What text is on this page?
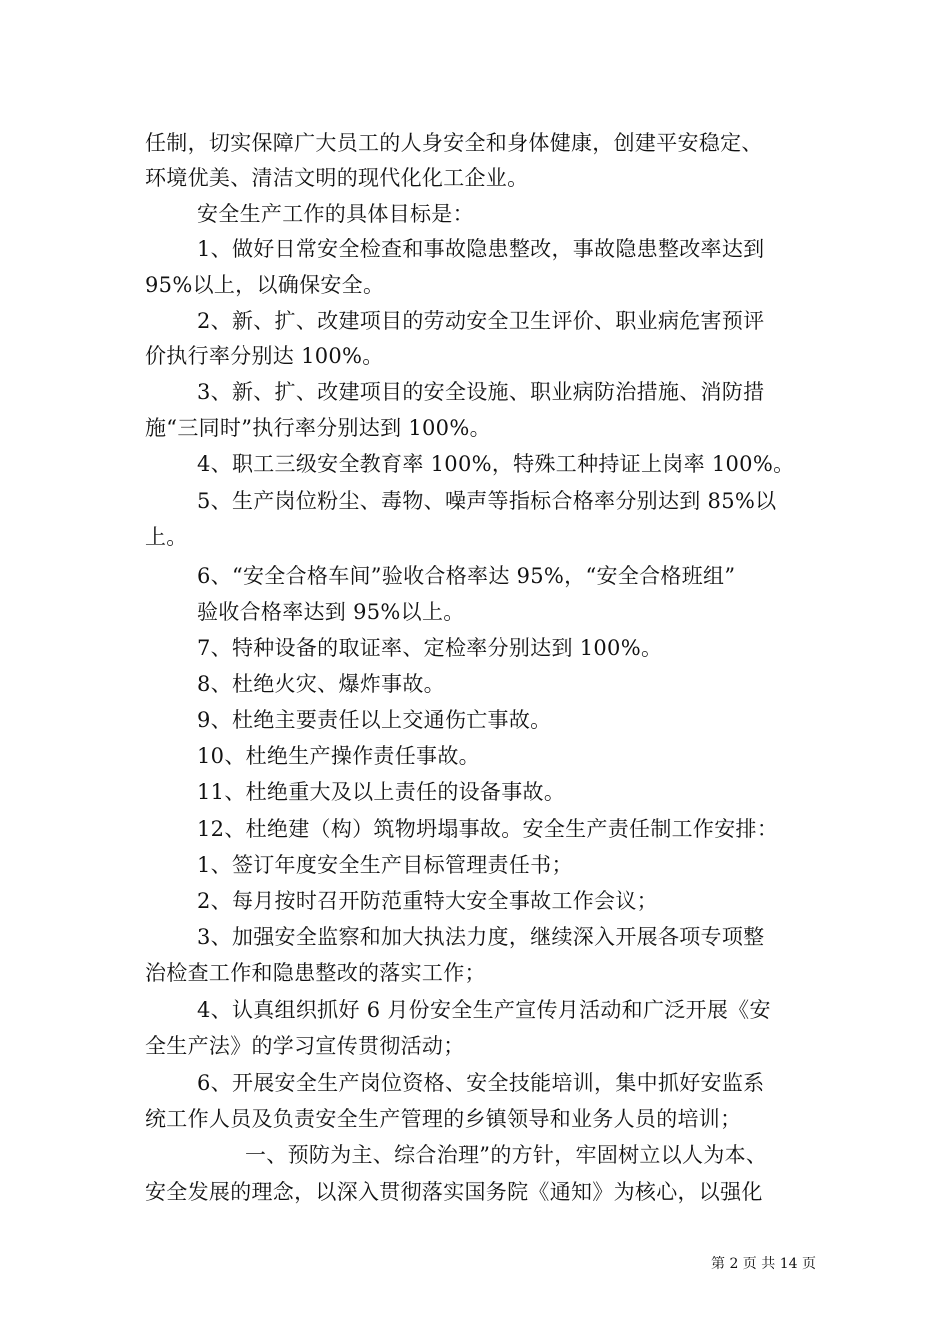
任制，切实保障广大员工的人身安全和身体健康，创建平安稳定、
环境优美、清洁文明的现代化化工企业。
安全生产工作的具体目标是：
1、做好日常安全检查和事故隐患整改，事故隐患整改率达到
95%以上，以确保安全。
2、新、扩、改建项目的劳动安全卫生评价、职业病危害预评
价执行率分别达 100%。
3、新、扩、改建项目的安全设施、职业病防治措施、消防措
施“三同时”执行率分别达到 100%。
4、职工三级安全教育率 100%，特殊工种持证上岗率 100%。
5、生产岗位粉尘、毒物、噪声等指标合格率分别达到 85%以
上。
6、“安全合格车间”验收合格率达 95%，“安全合格班组”
验收合格率达到 95%以上。
7、特种设备的取证率、定检率分别达到 100%。
8、杜绝火灾、爆炸事故。
9、杜绝主要责任以上交通伤亡事故。
10、杜绝生产操作责任事故。
11、杜绝重大及以上责任的设备事故。
12、杜绝建（构）筑物坍塌事故。安全生产责任制工作安排：
1、签订年度安全生产目标管理责任书；
2、每月按时召开防范重特大安全事故工作会议；
3、加强安全监察和加大执法力度，继续深入开展各项专项整
治检查工作和隐患整改的落实工作；
4、认真组织抓好 6 月份安全生产宣传月活动和广泛开展《安
全生产法》的学习宣传贯彻活动；
6、开展安全生产岗位资格、安全技能培训，集中抓好安监系
统工作人员及负责安全生产管理的乡镇领导和业务人员的培训；
一、预防为主、综合治理”的方针，牢固树立以人为本、
安全发展的理念，以深入贯彻落实国务院《通知》为核心，以强化
第 2 页 共 14 页
